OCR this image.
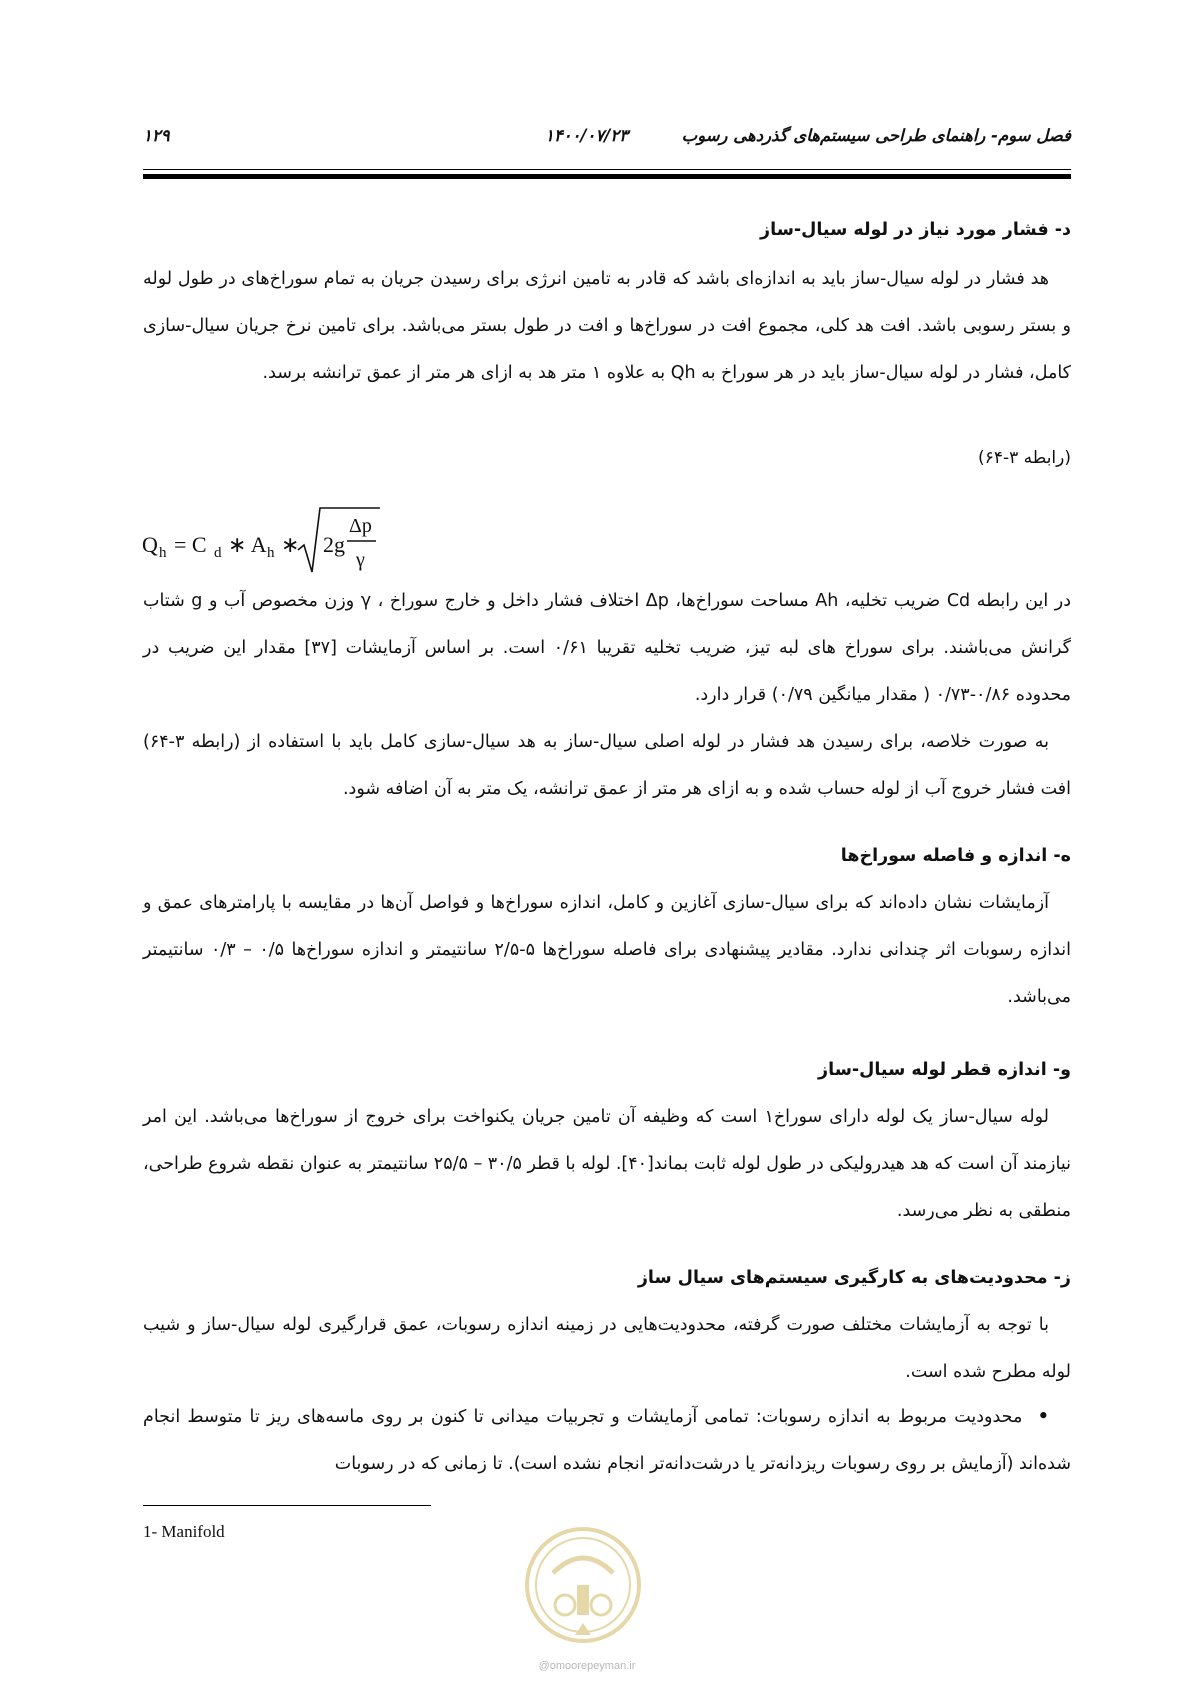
۱۲۹	۱۴۰۰/۰۷/۲۳	فصل سوم- راهنمای طراحی سیستم‌های گذردهی رسوب
د- فشار مورد نیاز در لوله سیال-ساز
هد فشار در لوله سیال-ساز باید به اندازه‌ای باشد که قادر به تامین انرژی برای رسیدن جریان به تمام سوراخ‌های در طول لوله و بستر رسوبی باشد. افت هد کلی، مجموع افت در سوراخ‌ها و افت در طول بستر می‌باشد. برای تامین نرخ جریان سیال-سازی کامل، فشار در لوله سیال-ساز باید در هر سوراخ به Qh به علاوه ۱ متر هد به ازای هر متر از عمق ترانشه برسد.
(رابطه ۳-۶۴)
Q h = C d ∗ A h ∗ 2g
Δp
γ
در این رابطه Cd ضریب تخلیه، Ah مساحت سوراخ‌ها، Δp اختلاف فشار داخل و خارج سوراخ ، γ وزن مخصوص آب و g شتاب گرانش می‌باشند. برای سوراخ های لبه تیز، ضریب تخلیه تقریبا ۰/۶۱ است. بر اساس آزمایشات [۳۷] مقدار این ضریب در محدوده ۰/۸۶-۰/۷۳ ( مقدار میانگین ۰/۷۹) قرار دارد.
به صورت خلاصه، برای رسیدن هد فشار در لوله اصلی سیال-ساز به هد سیال-سازی کامل باید با استفاده از (رابطه ۳-۶۴) افت فشار خروج آب از لوله حساب شده و به ازای هر متر از عمق ترانشه، یک متر به آن اضافه شود.
ه- اندازه و فاصله سوراخ‌ها
آزمایشات نشان داده‌اند که برای سیال-سازی آغازین و کامل، اندازه سوراخ‌ها و فواصل آن‌ها در مقایسه با پارامترهای عمق و اندازه رسوبات اثر چندانی ندارد. مقادیر پیشنهادی برای فاصله سوراخ‌ها ۵-۲/۵ سانتیمتر و اندازه سوراخ‌ها ۰/۵ – ۰/۳ سانتیمتر می‌باشد.
و- اندازه قطر لوله سیال-ساز
لوله سیال-ساز یک لوله دارای سوراخ۱ است که وظیفه آن تامین جریان یکنواخت برای خروج از سوراخ‌ها می‌باشد. این امر نیازمند آن است که هد هیدرولیکی در طول لوله ثابت بماند[۴۰]. لوله با قطر ۳۰/۵ – ۲۵/۵ سانتیمتر به عنوان نقطه شروع طراحی، منطقی به نظر می‌رسد.
ز- محدودیت‌های به کارگیری سیستم‌های سیال ساز
با توجه به آزمایشات مختلف صورت گرفته، محدودیت‌هایی در زمینه اندازه رسوبات، عمق قرارگیری لوله سیال-ساز و شیب لوله مطرح شده است.
•  محدودیت مربوط به اندازه رسوبات: تمامی آزمایشات و تجربیات میدانی تا کنون بر روی ماسه‌های ریز تا متوسط انجام شده‌اند (آزمایش بر روی رسوبات ریزدانه‌تر یا درشت‌دانه‌تر انجام نشده است). تا زمانی که در رسوبات
1- Manifold
@omoorepeyman.ir
